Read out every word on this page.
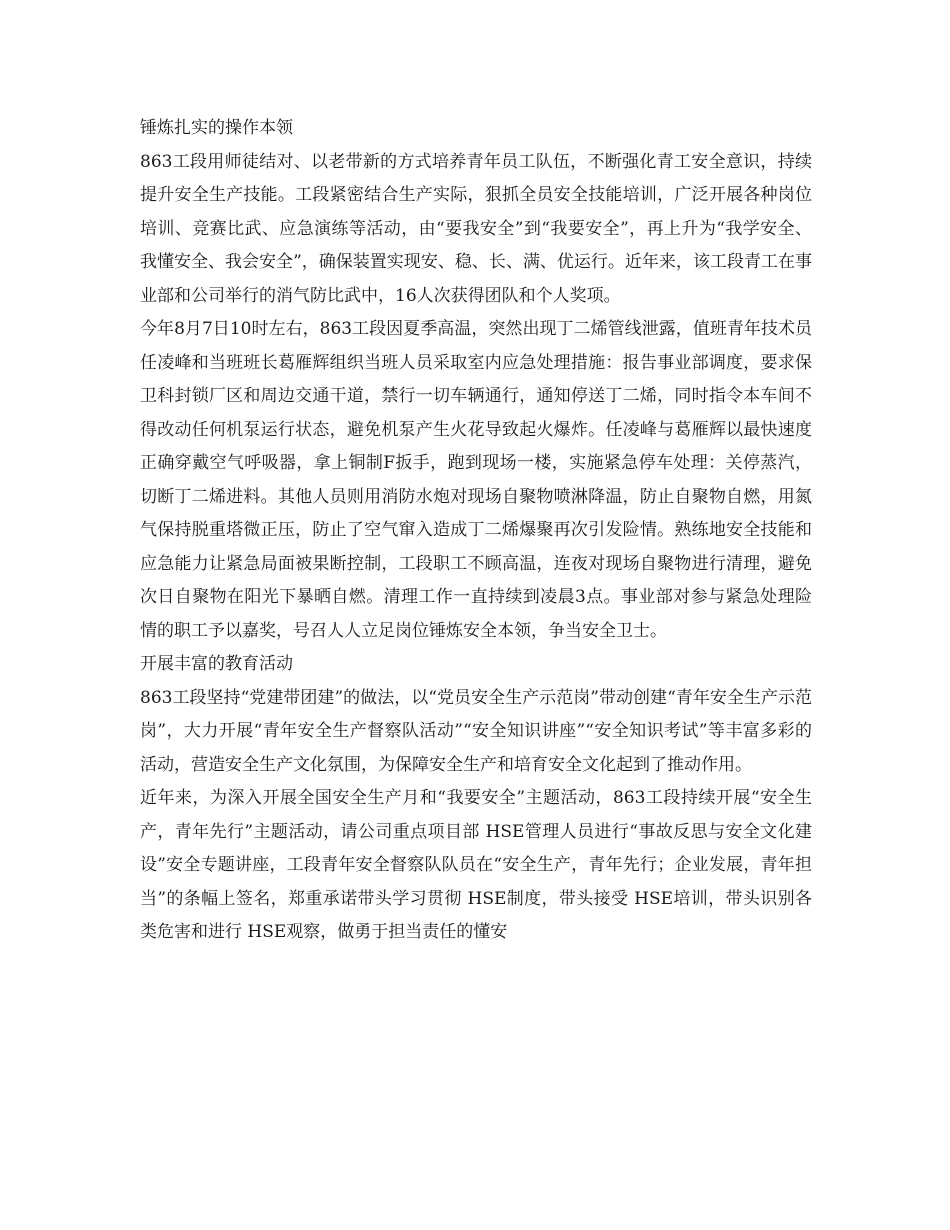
锤炼扎实的操作本领

863工段用师徒结对、以老带新的方式培养青年员工队伍，不断强化青工安全意识，持续提升安全生产技能。工段紧密结合生产实际，狠抓全员安全技能培训，广泛开展各种岗位培训、竞赛比武、应急演练等活动，由“要我安全”到“我要安全”，再上升为“我学安全、我懂安全、我会安全”，确保装置实现安、稳、长、满、优运行。近年来，该工段青工在事业部和公司举行的消气防比武中，16人次获得团队和个人奖项。

今年8月7日10时左右，863工段因夏季高温，突然出现丁二烯管线泄露，值班青年技术员任凌峰和当班班长葛雁辉组织当班人员采取室内应急处理措施：报告事业部调度，要求保卫科封锁厂区和周边交通干道，禁行一切车辆通行，通知停送丁二烯，同时指令本车间不得改动任何机泵运行状态，避免机泵产生火花导致起火爆炸。任凌峰与葛雁辉以最快速度正确穿戴空气呼吸器，拿上铜制F扳手，跑到现场一楼，实施紧急停车处理：关停蒸汽，切断丁二烯进料。其他人员则用消防水炮对现场自聚物喷淋降温，防止自聚物自燃，用氮气保持脱重塔微正压，防止了空气窜入造成丁二烯爆聚再次引发险情。熟练地安全技能和应急能力让紧急局面被果断控制，工段职工不顾高温，连夜对现场自聚物进行清理，避免次日自聚物在阳光下暴晒自燃。清理工作一直持续到凌晨3点。事业部对参与紧急处理险情的职工予以嘉奖，号召人人立足岗位锤炼安全本领，争当安全卫士。

开展丰富的教育活动

863工段坚持“党建带团建”的做法，以“党员安全生产示范岗”带动创建“青年安全生产示范岗”，大力开展“青年安全生产督察队活动”“安全知识讲座”“安全知识考试”等丰富多彩的活动，营造安全生产文化氛围，为保障安全生产和培育安全文化起到了推动作用。

近年来，为深入开展全国安全生产月和“我要安全”主题活动，863工段持续开展“安全生产，青年先行”主题活动，请公司重点项目部 HSE管理人员进行“事故反思与安全文化建设”安全专题讲座，工段青年安全督察队队员在“安全生产，青年先行；企业发展，青年担当”的条幅上签名，郑重承诺带头学习贯彻 HSE制度，带头接受 HSE培训，带头识别各类危害和进行 HSE观察，做勇于担当责任的懂安
